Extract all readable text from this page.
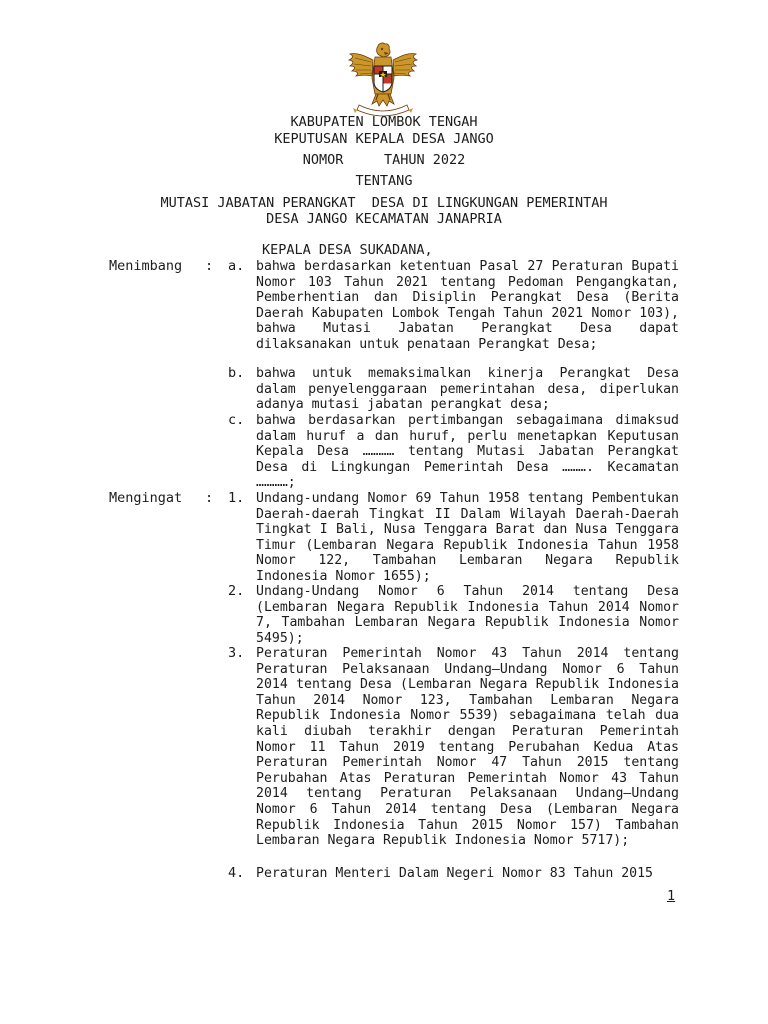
KABUPATEN LOMBOK TENGAH
KEPUTUSAN KEPALA DESA JANGO
NOMOR     TAHUN 2022
TENTANG
MUTASI JABATAN PERANGKAT  DESA DI LINGKUNGAN PEMERINTAH
DESA JANGO KECAMATAN JANAPRIA
KEPALA DESA SUKADANA,
Menimbang : a. bahwa berdasarkan ketentuan Pasal 27 Peraturan Bupati Nomor 103 Tahun 2021 tentang Pedoman Pengangkatan, Pemberhentian dan Disiplin Perangkat Desa (Berita Daerah Kabupaten Lombok Tengah Tahun 2021 Nomor 103), bahwa Mutasi Jabatan Perangkat Desa dapat dilaksanakan untuk penataan Perangkat Desa;
b. bahwa untuk memaksimalkan kinerja Perangkat Desa dalam penyelenggaraan pemerintahan desa, diperlukan adanya mutasi jabatan perangkat desa;
c. bahwa berdasarkan pertimbangan sebagaimana dimaksud dalam huruf a dan huruf, perlu menetapkan Keputusan Kepala Desa ………… tentang Mutasi Jabatan Perangkat Desa di Lingkungan Pemerintah Desa ………. Kecamatan …………;
Mengingat : 1. Undang-undang Nomor 69 Tahun 1958 tentang Pembentukan Daerah-daerah Tingkat II Dalam Wilayah Daerah-Daerah Tingkat I Bali, Nusa Tenggara Barat dan Nusa Tenggara Timur (Lembaran Negara Republik Indonesia Tahun 1958 Nomor 122, Tambahan Lembaran Negara Republik Indonesia Nomor 1655);
2. Undang-Undang Nomor 6 Tahun 2014 tentang Desa (Lembaran Negara Republik Indonesia Tahun 2014 Nomor 7, Tambahan Lembaran Negara Republik Indonesia Nomor 5495);
3. Peraturan Pemerintah Nomor 43 Tahun 2014 tentang Peraturan Pelaksanaan Undang–Undang Nomor 6 Tahun 2014 tentang Desa (Lembaran Negara Republik Indonesia Tahun 2014 Nomor 123, Tambahan Lembaran Negara Republik Indonesia Nomor 5539) sebagaimana telah dua kali diubah terakhir dengan Peraturan Pemerintah Nomor 11 Tahun 2019 tentang Perubahan Kedua Atas Peraturan Pemerintah Nomor 47 Tahun 2015 tentang Perubahan Atas Peraturan Pemerintah Nomor 43 Tahun 2014 tentang Peraturan Pelaksanaan Undang–Undang Nomor 6 Tahun 2014 tentang Desa (Lembaran Negara Republik Indonesia Tahun 2015 Nomor 157) Tambahan Lembaran Negara Republik Indonesia Nomor 5717);
4. Peraturan Menteri Dalam Negeri Nomor 83 Tahun 2015
1
